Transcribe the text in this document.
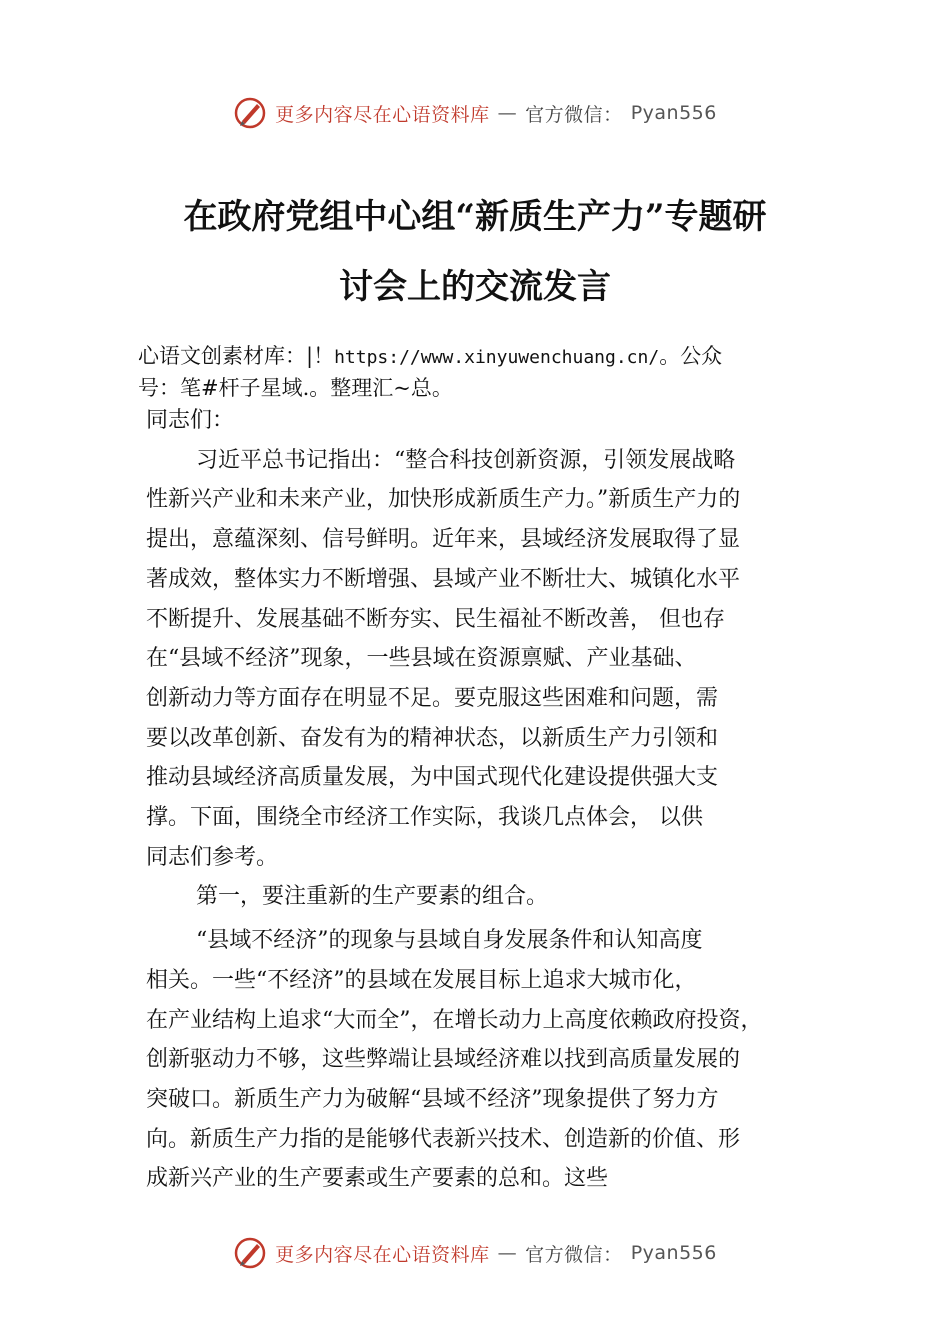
更多内容尽在心语资料库 — 官方微信： Pyan556
在政府党组中心组“新质生产力”专题研
讨会上的交流发言
心语文创素材库：|！https://www.xinyuwenchuang.cn/。公众
号：笔#杆子星域.。整理汇~总。

同志们：

习近平总书记指出：“整合科技创新资源，引领发展战略

性新兴产业和未来产业，加快形成新质生产力。”新质生产力的

提出，意蕴深刻、信号鲜明。近年来，县域经济发展取得了显

著成效，整体实力不断增强、县域产业不断壮大、城镇化水平

不断提升、发展基础不断夯实、民生福祉不断改善， 但也存

在“县域不经济”现象，一些县域在资源禀赋、产业基础、

创新动力等方面存在明显不足。要克服这些困难和问题，需

要以改革创新、奋发有为的精神状态，以新质生产力引领和

推动县域经济高质量发展，为中国式现代化建设提供强大支

撑。下面，围绕全市经济工作实际，我谈几点体会， 以供

同志们参考。

第一，要注重新的生产要素的组合。

“县域不经济”的现象与县域自身发展条件和认知高度

相关。一些“不经济”的县域在发展目标上追求大城市化，

在产业结构上追求“大而全”，在增长动力上高度依赖政府投资，

创新驱动力不够，这些弊端让县域经济难以找到高质量发展的

突破口。新质生产力为破解“县域不经济”现象提供了努力方

向。新质生产力指的是能够代表新兴技术、创造新的价值、形

成新兴产业的生产要素或生产要素的总和。这些

更多内容尽在心语资料库 — 官方微信： Pyan556
